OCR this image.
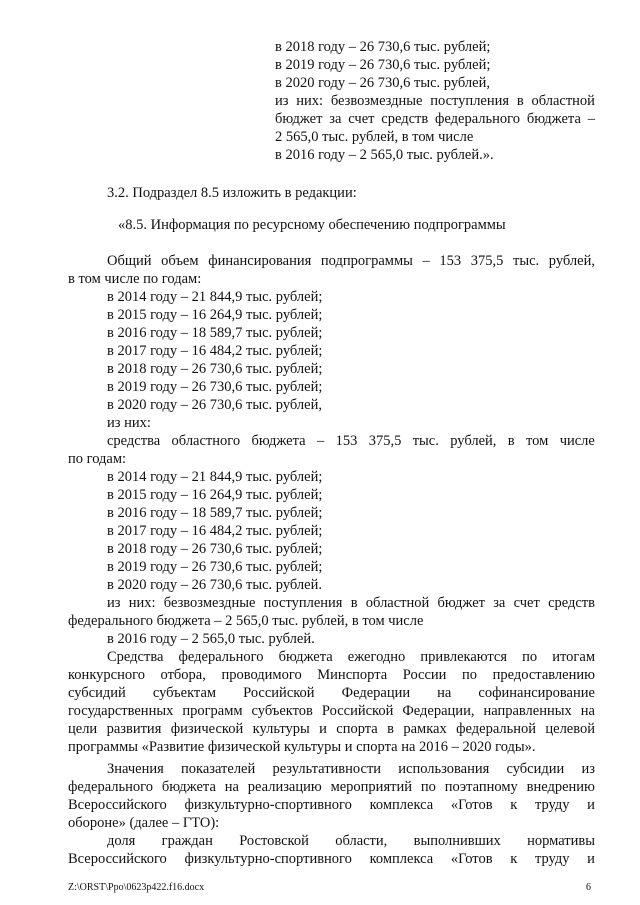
в 2018 году – 26 730,6 тыс. рублей;
в 2019 году – 26 730,6 тыс. рублей;
в 2020 году – 26 730,6 тыс. рублей,
из них: безвозмездные поступления в областной
бюджет за счет средств федерального бюджета –
2 565,0 тыс. рублей, в том числе
в 2016 году – 2 565,0 тыс. рублей.».
3.2. Подраздел 8.5 изложить в редакции:
«8.5. Информация по ресурсному обеспечению подпрограммы
Общий объем финансирования подпрограммы – 153 375,5 тыс. рублей,
в том числе по годам:
в 2014 году – 21 844,9 тыс. рублей;
в 2015 году – 16 264,9 тыс. рублей;
в 2016 году – 18 589,7 тыс. рублей;
в 2017 году – 16 484,2 тыс. рублей;
в 2018 году – 26 730,6 тыс. рублей;
в 2019 году – 26 730,6 тыс. рублей;
в 2020 году – 26 730,6 тыс. рублей,
из них:
средства областного бюджета – 153 375,5 тыс. рублей, в том числе
по годам:
в 2014 году – 21 844,9 тыс. рублей;
в 2015 году – 16 264,9 тыс. рублей;
в 2016 году – 18 589,7 тыс. рублей;
в 2017 году – 16 484,2 тыс. рублей;
в 2018 году – 26 730,6 тыс. рублей;
в 2019 году – 26 730,6 тыс. рублей;
в 2020 году – 26 730,6 тыс. рублей.
из них: безвозмездные поступления в областной бюджет за счет средств
федерального бюджета – 2 565,0 тыс. рублей, в том числе
в 2016 году – 2 565,0 тыс. рублей.
Средства федерального бюджета ежегодно привлекаются по итогам
конкурсного отбора, проводимого Минспорта России по предоставлению
субсидий субъектам Российской Федерации на софинансирование
государственных программ субъектов Российской Федерации, направленных на
цели развития физической культуры и спорта в рамках федеральной целевой
программы «Развитие физической культуры и спорта на 2016 – 2020 годы».
Значения показателей результативности использования субсидии из
федерального бюджета на реализацию мероприятий по поэтапному внедрению
Всероссийского физкультурно-спортивного комплекса «Готов к труду и
обороне» (далее – ГТО):
доля граждан Ростовской области, выполнивших нормативы
Всероссийского физкультурно-спортивного комплекса «Готов к труду и
Z:\ORST\Ppo\0623p422.f16.docx	6
